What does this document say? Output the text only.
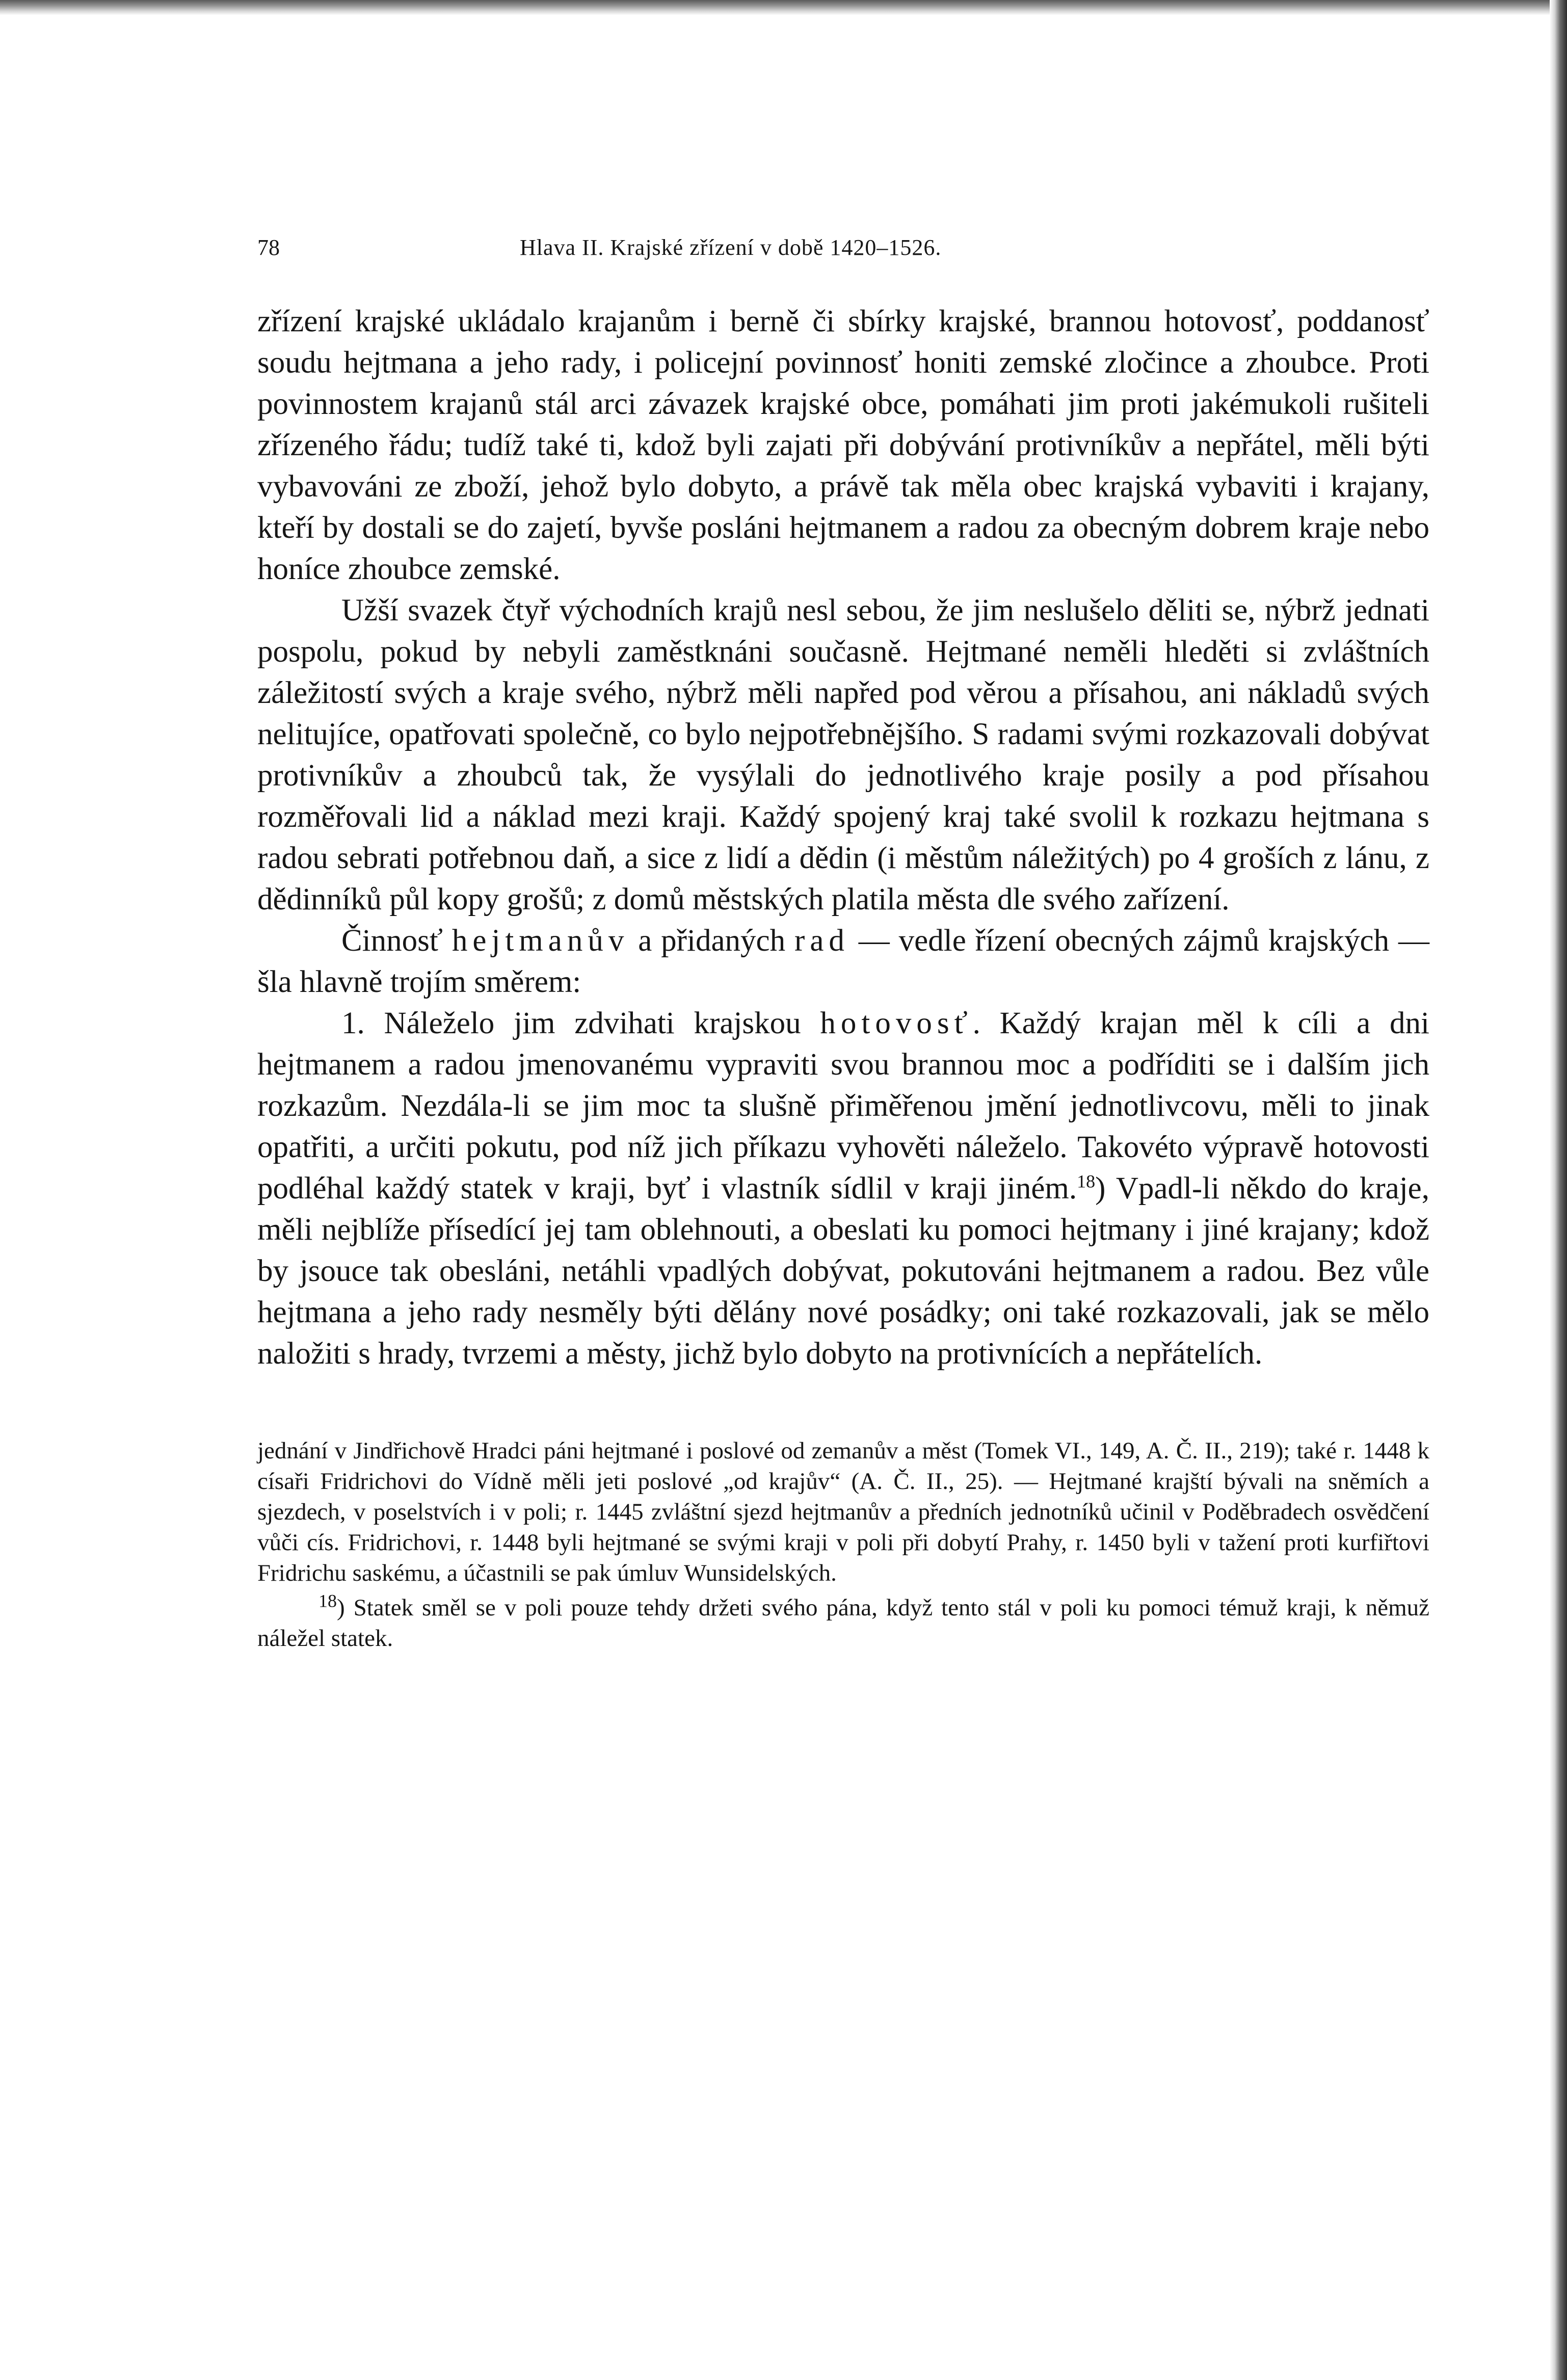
78	Hlava II. Krajské zřízení v době 1420–1526.

zřízení krajské ukládalo krajanům i berně či sbírky krajské, brannou hotovosť, poddanosť soudu hejtmana a jeho rady, i policejní povinnosť honiti zemské zločince a zhoubce. Proti povinnostem krajanů stál arci závazek krajské obce, pomáhati jim proti jakémukoli rušiteli zřízeného řádu; tudíž také ti, kdož byli zajati při dobývání protivníkův a nepřátel, měli býti vybavováni ze zboží, jehož bylo dobyto, a právě tak měla obec krajská vybaviti i krajany, kteří by dostali se do zajetí, byvše posláni hejtmanem a radou za obecným dobrem kraje nebo honíce zhoubce zemské.

Užší svazek čtyř východních krajů nesl sebou, že jim neslušelo děliti se, nýbrž jednati pospolu, pokud by nebyli zaměstknáni současně. Hejtmané neměli hleděti si zvláštních záležitostí svých a kraje svého, nýbrž měli napřed pod věrou a přísahou, ani nákladů svých nelitujíce, opatřovati společně, co bylo nejpotřebnějšího. S radami svými rozkazovali dobývat protivníkův a zhoubců tak, že vysýlali do jednotlivého kraje posily a pod přísahou rozměřovali lid a náklad mezi kraji. Každý spojený kraj také svolil k rozkazu hejtmana s radou sebrati potřebnou daň, a sice z lidí a dědin (i městům náležitých) po 4 groších z lánu, z dědinníků půl kopy grošů; z domů městských platila města dle svého zařízení.

Činnosť hejtmanův a přidaných rad — vedle řízení obecných zájmů krajských — šla hlavně trojím směrem:

1. Náleželo jim zdvihati krajskou hotovosť. Každý krajan měl k cíli a dni hejtmanem a radou jmenovanému vypraviti svou brannou moc a podříditi se i dalším jich rozkazům. Nezdála-li se jim moc ta slušně přiměřenou jmění jednotlivcovu, měli to jinak opatřiti, a určiti pokutu, pod níž jich příkazu vyhověti náleželo. Takovéto výpravě hotovosti podléhal každý statek v kraji, byť i vlastník sídlil v kraji jiném.$^{18}$) Vpadl-li někdo do kraje, měli nejblíže přísedící jej tam oblehnouti, a obeslati ku pomoci hejtmany i jiné krajany; kdož by jsouce tak obesláni, netáhli vpadlých dobývat, pokutováni hejtmanem a radou. Bez vůle hejtmana a jeho rady nesměly býti dělány nové posádky; oni také rozkazovali, jak se mělo naložiti s hrady, tvrzemi a městy, jichž bylo dobyto na protivnících a nepřátelích.

jednání v Jindřichově Hradci páni hejtmané i poslové od zemanův a měst (Tomek VI., 149, A. Č. II., 219); také r. 1448 k císaři Fridrichovi do Vídně měli jeti poslové „od krajův“ (A. Č. II., 25). — Hejtmané krajští bývali na sněmích a sjezdech, v poselstvích i v poli; r. 1445 zvláštní sjezd hejtmanův a předních jednotníků učinil v Poděbradech osvědčení vůči cís. Fridrichovi, r. 1448 byli hejtmané se svými kraji v poli při dobytí Prahy, r. 1450 byli v tažení proti kurfiřtovi Fridrichu saskému, a účastnili se pak úmluv Wunsidelských.

$^{18}$) Statek směl se v poli pouze tehdy držeti svého pána, když tento stál v poli ku pomoci témuž kraji, k němuž náležel statek.
